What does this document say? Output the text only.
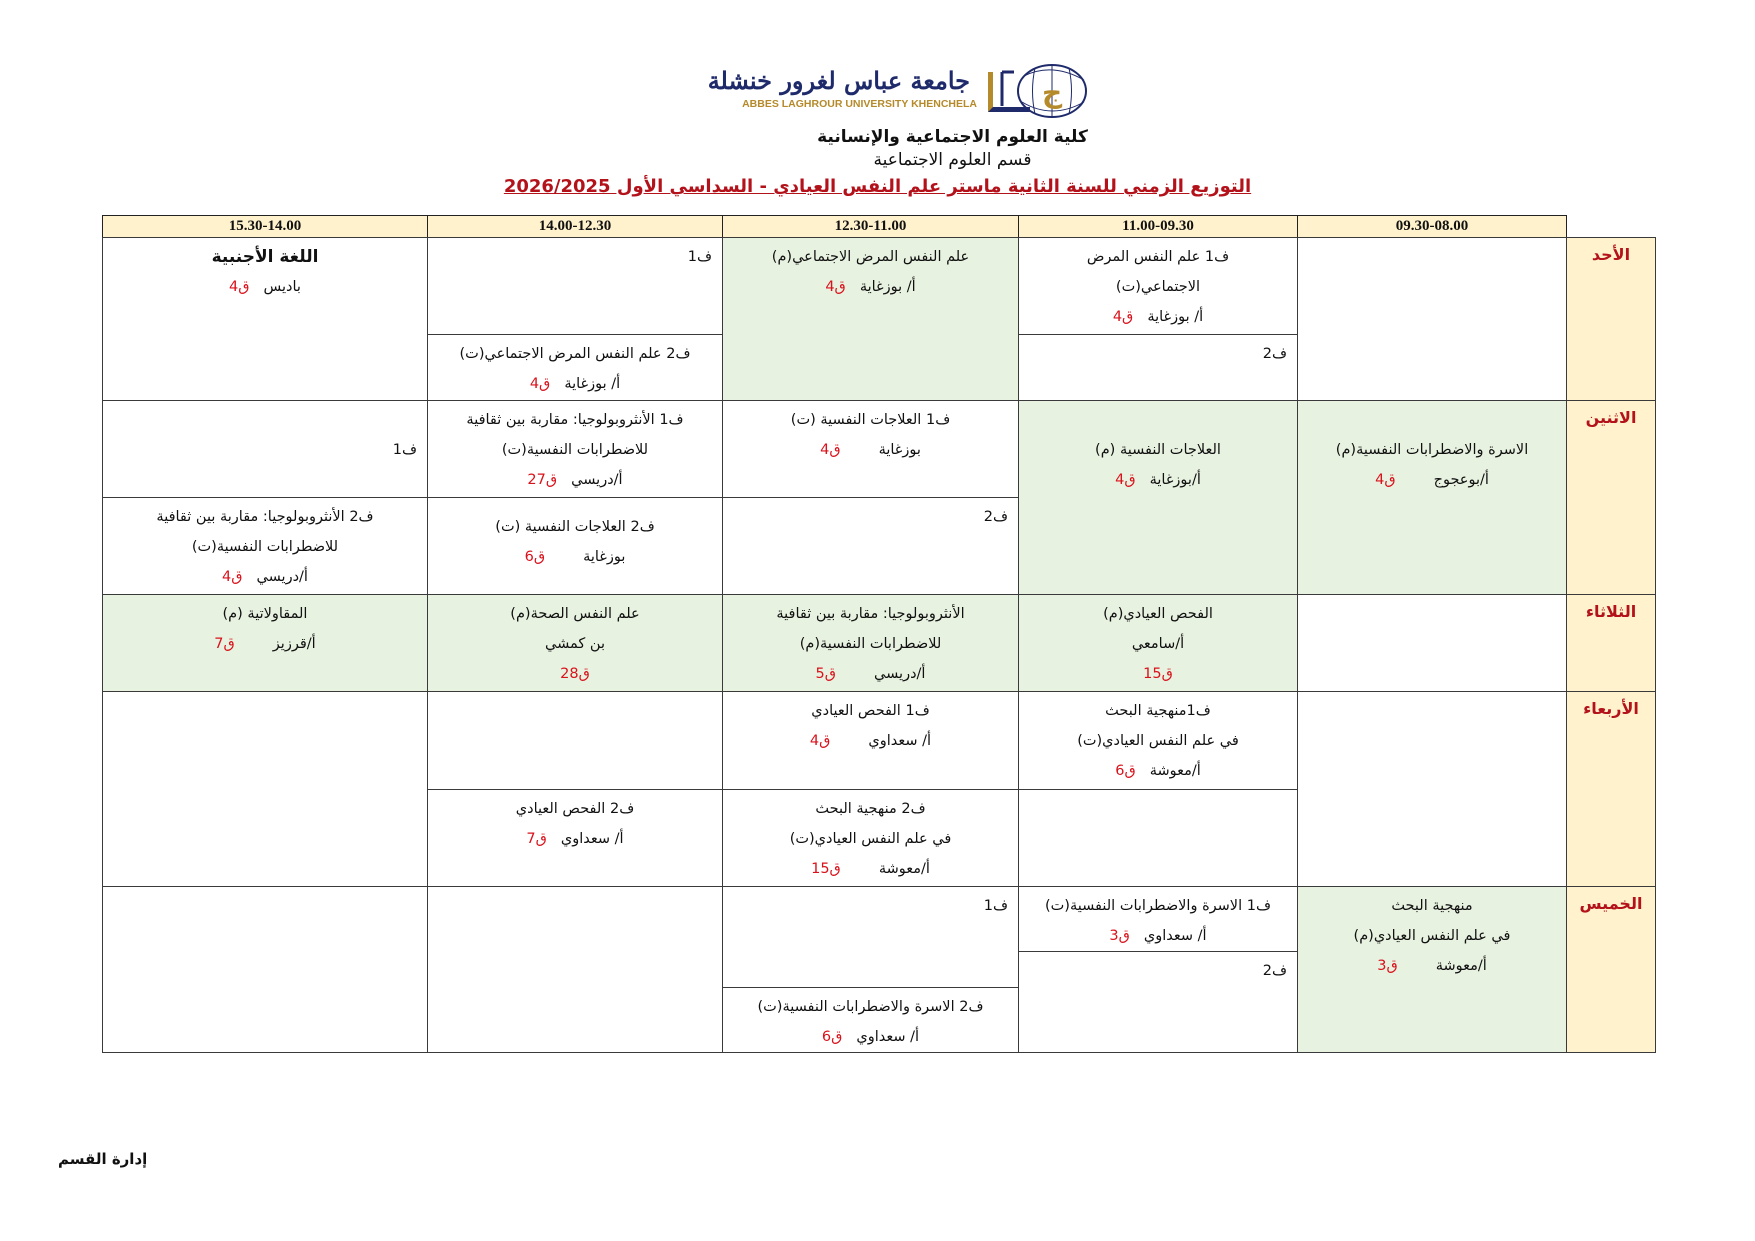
جامعة عباس لغرور خنشلة
ABBES LAGHROUR UNIVERSITY KHENCHELA ج
كلية العلوم الاجتماعية والإنسانية
قسم العلوم الاجتماعية
التوزيع الزمني للسنة الثانية ماستر علم النفس العيادي - السداسي الأول 2026/2025
09.30-08.00
11.00-09.30
12.30-11.00
14.00-12.30
15.30-14.00
الأحد
الاثنين
الثلاثاء
الأربعاء
الخميس
ف1 علم النفس المرض
الاجتماعي(ت)
أ/ بوزغايةق4
ف2
علم النفس المرض الاجتماعي(م)
أ/ بوزغايةق4
ف1
ف2 علم النفس المرض الاجتماعي(ت)
أ/ بوزغايةق4
اللغة الأجنبية
باديسق4
الاسرة والاضطرابات النفسية(م)
أ/بوعجوجق4
العلاجات النفسية (م)
أ/بوزغايةق4
ف1 العلاجات النفسية (ت)
بوزغايةق4
ف2
ف1 الأنثروبولوجيا: مقاربة بين ثقافية
للاضطرابات النفسية(ت)
أ/دريسيق27
ف2 العلاجات النفسية (ت)
بوزغايةق6
ف1
ف2 الأنثروبولوجيا: مقاربة بين ثقافية
للاضطرابات النفسية(ت)
أ/دريسيق4
الفحص العيادي(م)
أ/سامعي
ق15
الأنثروبولوجيا: مقاربة بين ثقافية
للاضطرابات النفسية(م)
أ/دريسيق5
علم النفس الصحة(م)
بن كمشي
ق28
المقاولاتية (م)
أ/قرزيزق7
ف1منهجية البحث
في علم النفس العيادي(ت)
أ/معوشةق6
ف1 الفحص العيادي
أ/ سعداويق4
ف2 منهجية البحث
في علم النفس العيادي(ت)
أ/معوشةق15
ف2 الفحص العيادي
أ/ سعداويق7
منهجية البحث
في علم النفس العيادي(م)
أ/معوشةق3
ف1 الاسرة والاضطرابات النفسية(ت)
أ/ سعداويق3
ف2
ف1
ف2 الاسرة والاضطرابات النفسية(ت)
أ/ سعداويق6
إدارة القسم
